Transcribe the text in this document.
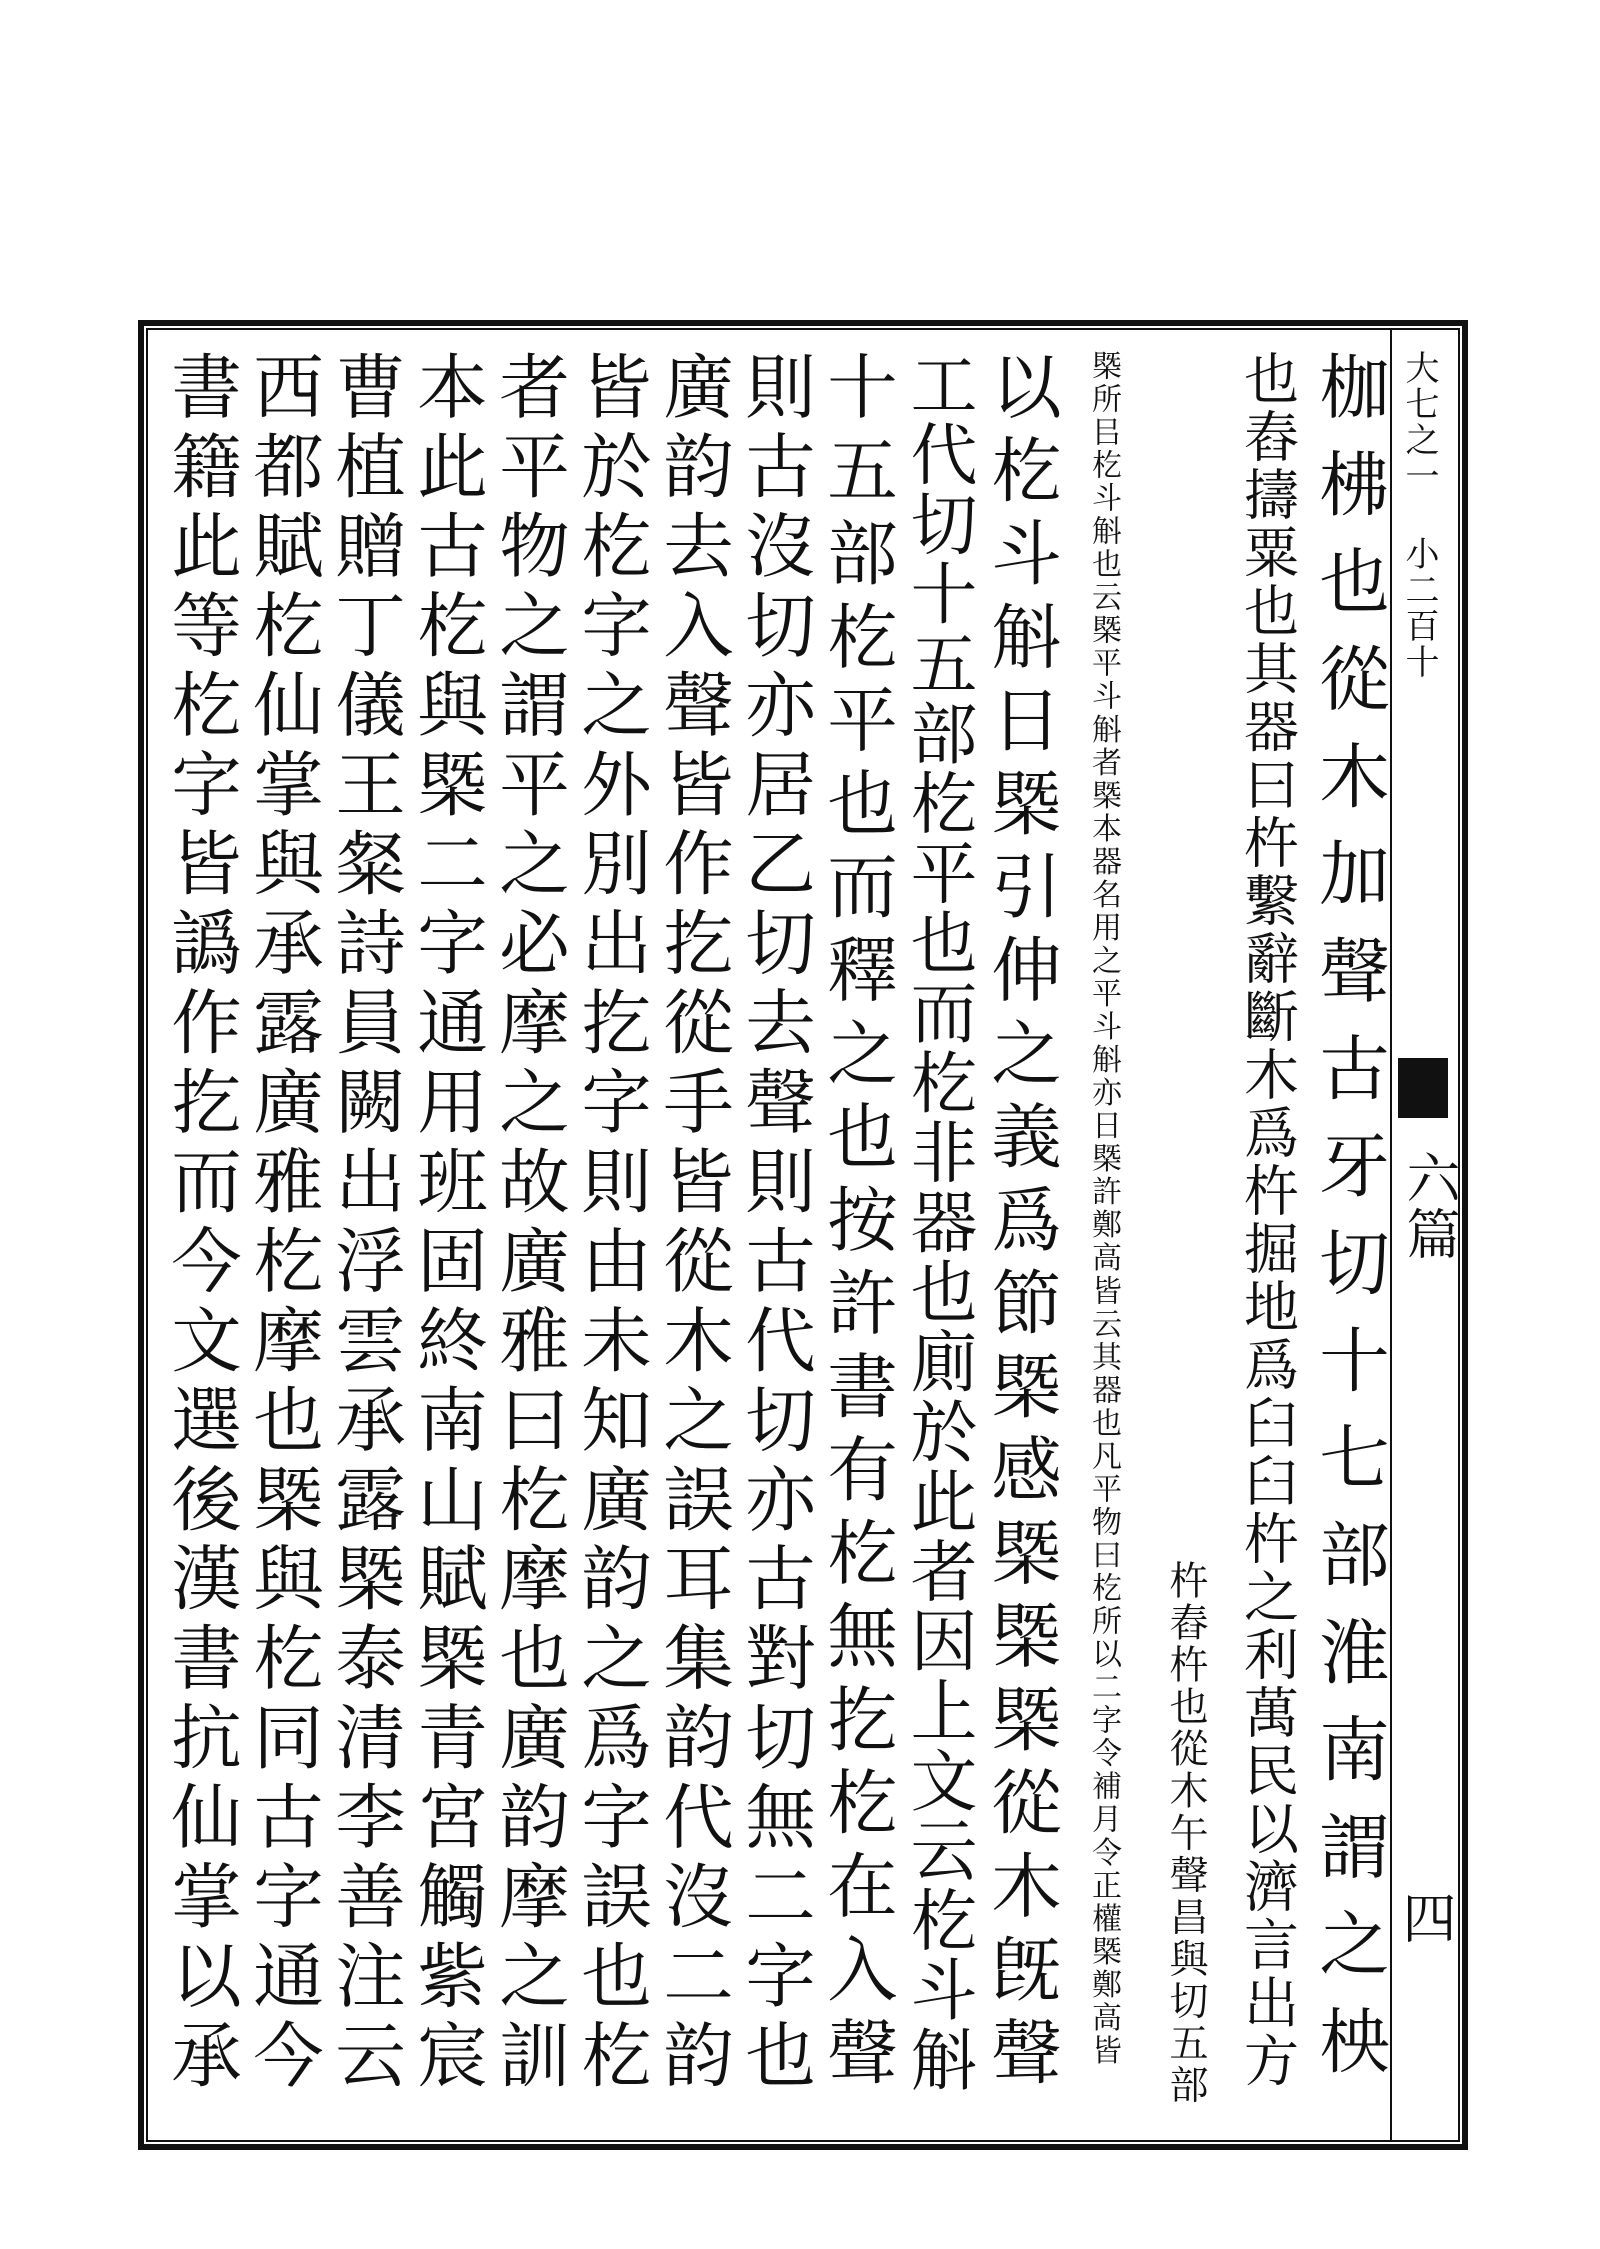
大七之一 小二百十
六篇
四
枷柫也從木加聲古牙切十七部淮南謂之柍
也舂擣粟也其器曰杵繫辭斷木爲杵掘地爲臼臼杵之利萬民以濟言出方
杵舂杵也從木午聲昌與切五部
槩所㠯杚斗斛也云槩平斗斛者槩本器名用之平斗斛亦日槩許鄭高皆云其器也凡平物曰杚所以二字令補月令正權槩鄭高皆
以杚斗斛日槩引伸之義爲節槩感槩㮣槩從木旣聲
工代切十五部杚平也而杚非器也廁於此者因上文云杚斗斛
十五部杚平也而釋之也按許書有杚無扢杚在入聲
則古沒切亦居乙切去聲則古代切亦古對切無二字也
廣韵去入聲皆作扢從手皆從木之誤耳集韵代沒二韵
皆於杚字之外別出扢字則由未知廣韵之爲字誤也杚
者平物之謂平之必摩之故廣雅曰杚摩也廣韵摩之訓
本此古杚與槩二字通用班固終南山賦槩青宮觸紫宸
曹植贈丁儀王粲詩員闕出浮雲承露槩泰清李善注云
西都賦杚仙掌與承露廣雅杚摩也槩與杚同古字通今
書籍此等杚字皆譌作扢而今文選後漢書抗仙掌以承
